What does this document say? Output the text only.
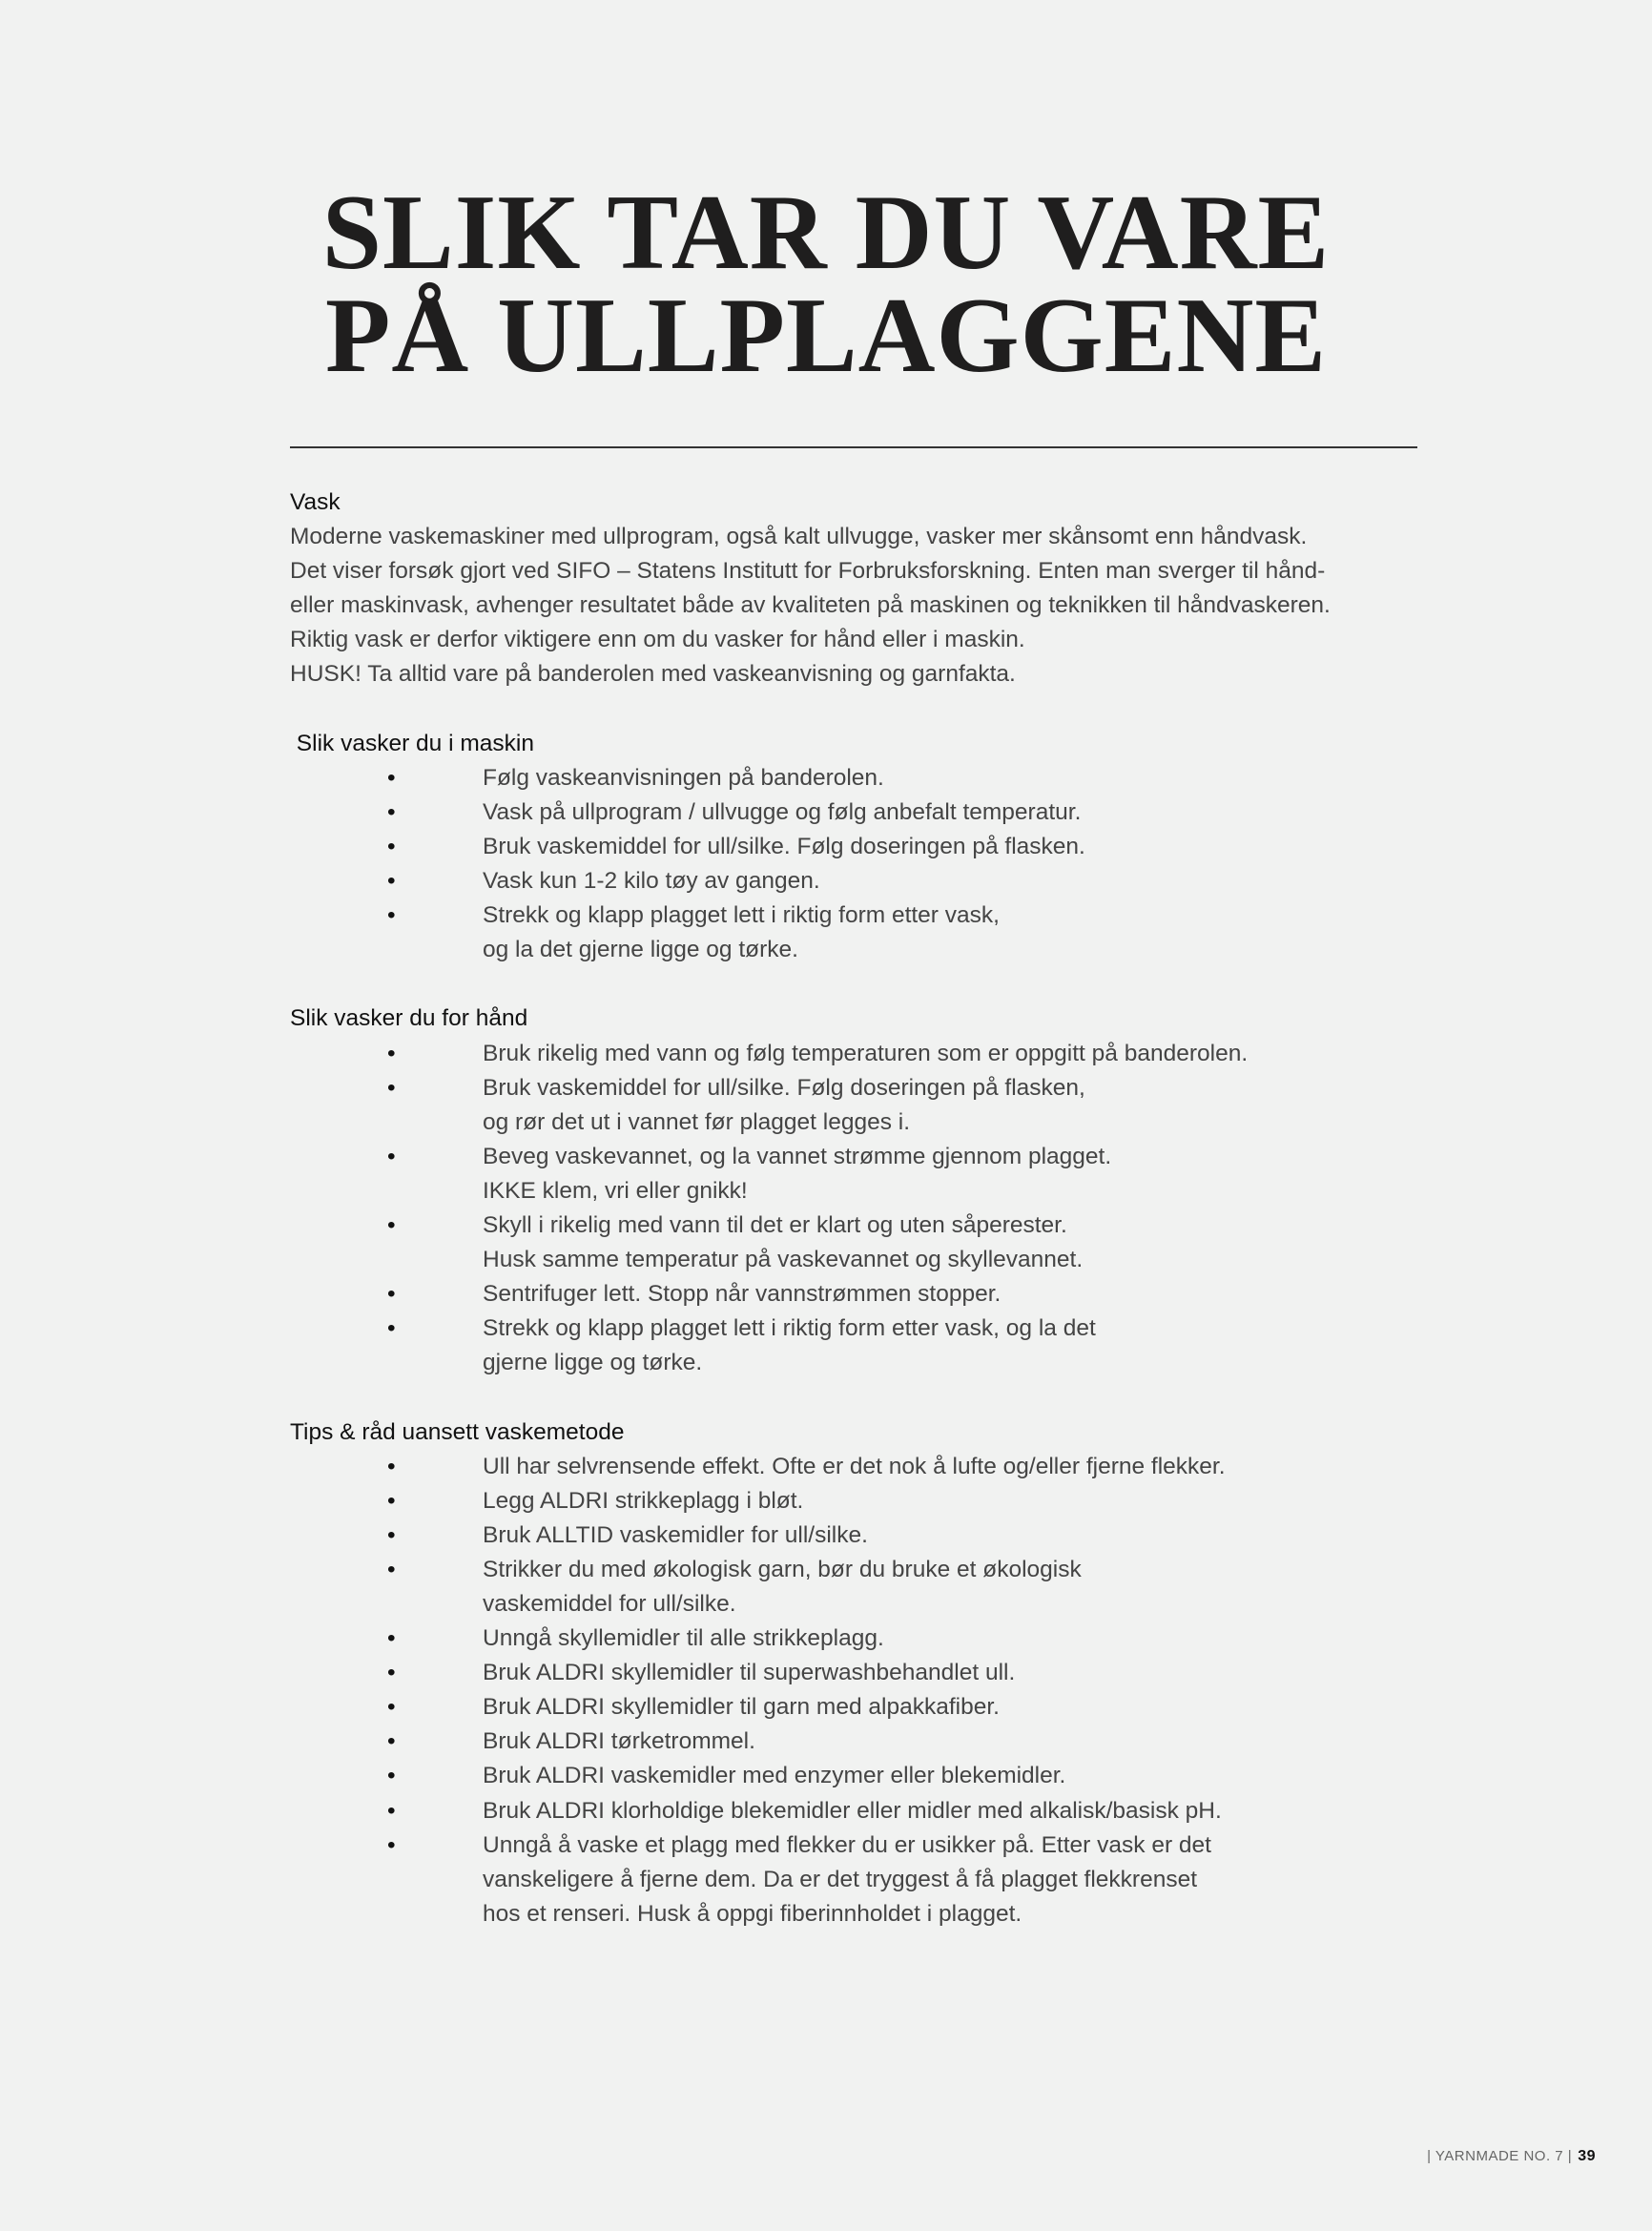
SLIK TAR DU VARE
PÅ ULLPLAGGENE
Vask
Moderne vaskemaskiner med ullprogram, også kalt ullvugge, vasker mer skånsomt enn håndvask.
Det viser forsøk gjort ved SIFO – Statens Institutt for Forbruksforskning. Enten man sverger til hånd-
eller maskinvask, avhenger resultatet både av kvaliteten på maskinen og teknikken til håndvaskeren.
Riktig vask er derfor viktigere enn om du vasker for hånd eller i maskin.
HUSK! Ta alltid vare på banderolen med vaskeanvisning og garnfakta.
Slik vasker du i maskin
•	Følg vaskeanvisningen på banderolen.
•	Vask på ullprogram / ullvugge og følg anbefalt temperatur.
•	Bruk vaskemiddel for ull/silke. Følg doseringen på flasken.
•	Vask kun 1-2 kilo tøy av gangen.
•	Strekk og klapp plagget lett i riktig form etter vask,
og la det gjerne ligge og tørke.
Slik vasker du for hånd
•	Bruk rikelig med vann og følg temperaturen som er oppgitt på banderolen.
•	Bruk vaskemiddel for ull/silke. Følg doseringen på flasken,
og rør det ut i vannet før plagget legges i.
•	Beveg vaskevannet, og la vannet strømme gjennom plagget.
IKKE klem, vri eller gnikk!
•	Skyll i rikelig med vann til det er klart og uten såperester.
Husk samme temperatur på vaskevannet og skyllevannet.
•	Sentrifuger lett. Stopp når vannstrømmen stopper.
•	Strekk og klapp plagget lett i riktig form etter vask, og la det
gjerne ligge og tørke.
Tips & råd uansett vaskemetode
•	Ull har selvrensende effekt. Ofte er det nok å lufte og/eller fjerne flekker.
•	Legg ALDRI strikkeplagg i bløt.
•	Bruk ALLTID vaskemidler for ull/silke.
•	Strikker du med økologisk garn, bør du bruke et økologisk
vaskemiddel for ull/silke.
•	Unngå skyllemidler til alle strikkeplagg.
•	Bruk ALDRI skyllemidler til superwashbehandlet ull.
•	Bruk ALDRI skyllemidler til garn med alpakkafiber.
•	Bruk ALDRI tørketrommel.
•	Bruk ALDRI vaskemidler med enzymer eller blekemidler.
•	Bruk ALDRI klorholdige blekemidler eller midler med alkalisk/basisk pH.
•	Unngå å vaske et plagg med flekker du er usikker på. Etter vask er det
vanskeligere å fjerne dem. Da er det tryggest å få plagget flekkrenset
hos et renseri. Husk å oppgi fiberinnholdet i plagget.
| YARNMADE NO. 7 | 39
